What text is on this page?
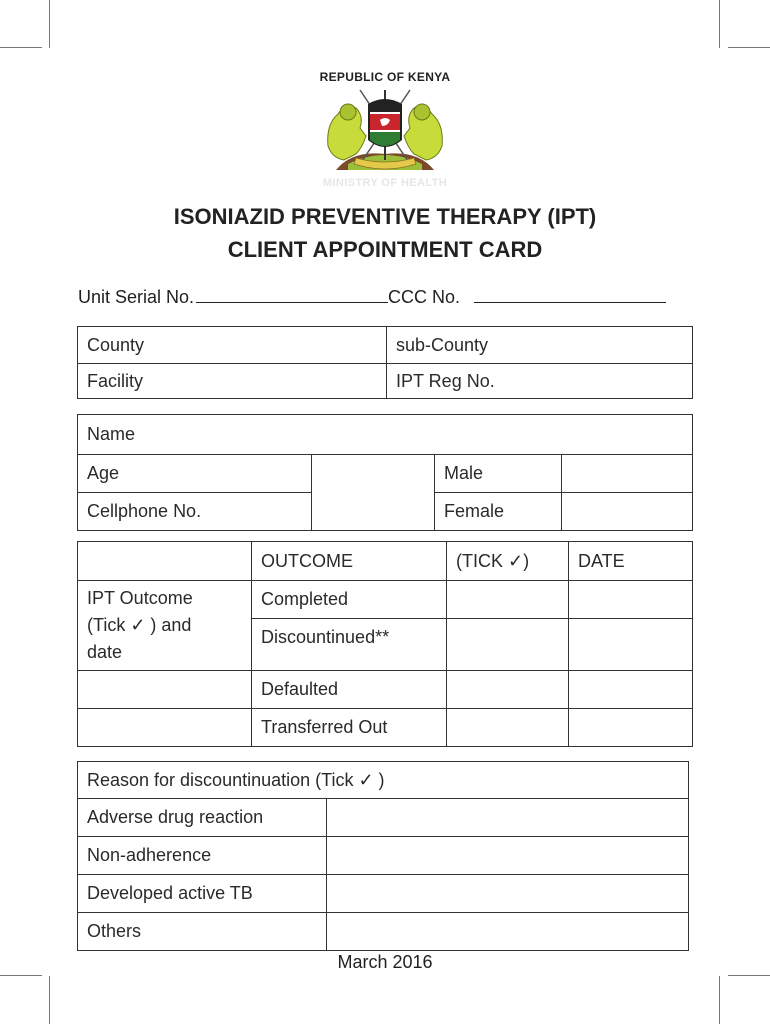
REPUBLIC OF KENYA
MINISTRY OF HEALTH
ISONIAZID PREVENTIVE THERAPY (IPT)
CLIENT APPOINTMENT CARD
Unit Serial No.	CCC No.
County	sub-County
Facility	IPT Reg No.
Name			
Age		Male	
Cellphone No.		Female	
	OUTCOME	(TICK ✓)	DATE

IPT Outcome
(Tick ✓ ) and
date	Completed		
	Discountinued**		
	Defaulted		
	Transferred Out		
Reason for discountinuation (Tick ✓ )	
Adverse drug reaction	
Non-adherence	
Developed active TB	
Others	
March 2016
